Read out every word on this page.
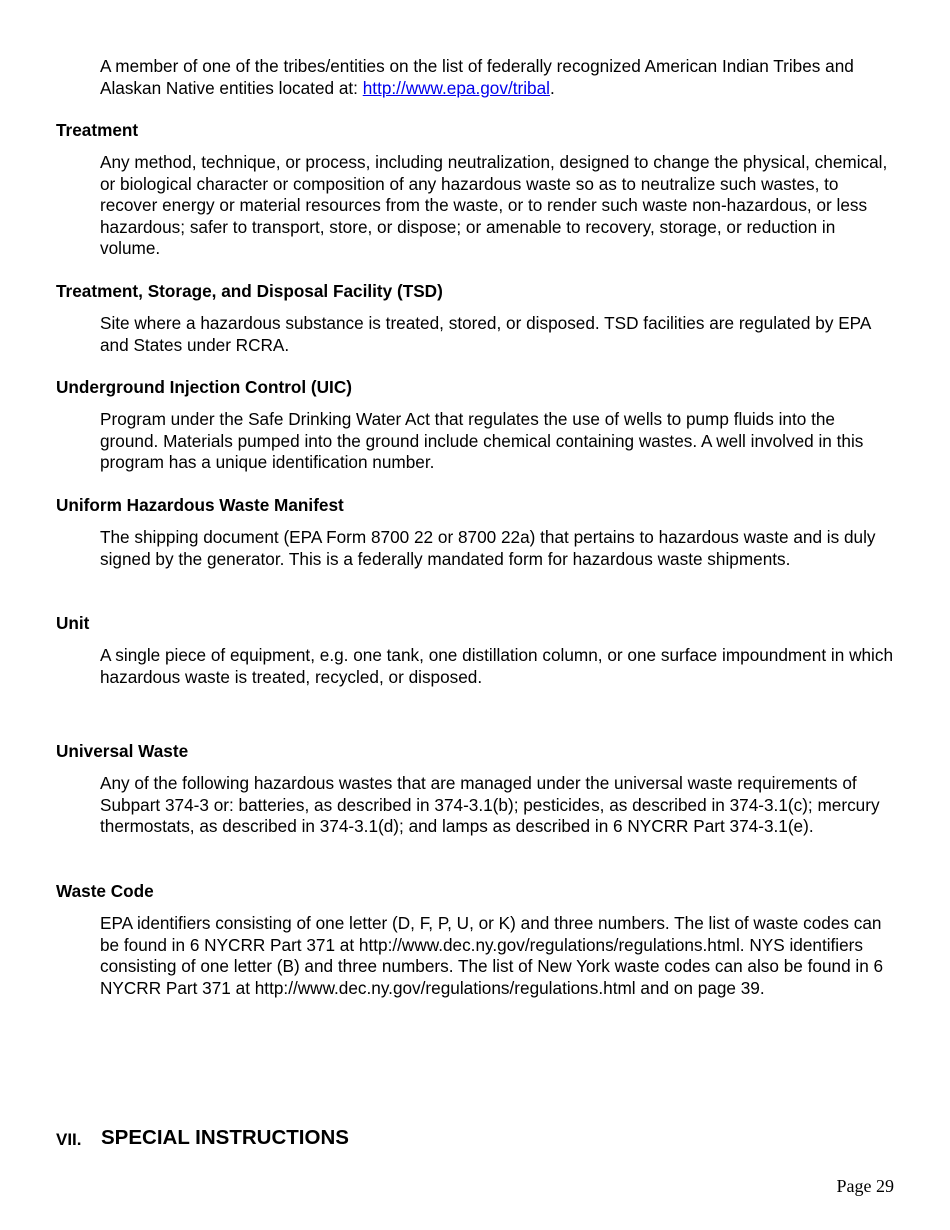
A member of one of the tribes/entities on the list of federally recognized American Indian Tribes and Alaskan Native entities located at: http://www.epa.gov/tribal.

Treatment

Any method, technique, or process, including neutralization, designed to change the physical, chemical, or biological character or composition of any hazardous waste so as to neutralize such wastes, to recover energy or material resources from the waste, or to render such waste non-hazardous, or less hazardous; safer to transport, store, or dispose; or amenable to recovery, storage, or reduction in volume.

Treatment, Storage, and Disposal Facility (TSD)

Site where a hazardous substance is treated, stored, or disposed. TSD facilities are regulated by EPA and States under RCRA.

Underground Injection Control (UIC)

Program under the Safe Drinking Water Act that regulates the use of wells to pump fluids into the ground. Materials pumped into the ground include chemical containing wastes. A well involved in this program has a unique identification number.

Uniform Hazardous Waste Manifest

The shipping document (EPA Form 8700 22 or 8700 22a) that pertains to hazardous waste and is duly signed by the generator. This is a federally mandated form for hazardous waste shipments.

Unit

A single piece of equipment, e.g. one tank, one distillation column, or one surface impoundment in which hazardous waste is treated, recycled, or disposed.

Universal Waste

Any of the following hazardous wastes that are managed under the universal waste requirements of Subpart 374-3 or: batteries, as described in 374-3.1(b); pesticides, as described in 374-3.1(c); mercury thermostats, as described in 374-3.1(d); and lamps as described in 6 NYCRR Part 374-3.1(e).

Waste Code

EPA identifiers consisting of one letter (D, F, P, U, or K) and three numbers. The list of waste codes can be found in 6 NYCRR Part 371 at http://www.dec.ny.gov/regulations/regulations.html. NYS identifiers consisting of one letter (B) and three numbers. The list of New York waste codes can also be found in 6 NYCRR Part 371 at http://www.dec.ny.gov/regulations/regulations.html and on page 39.

VII. SPECIAL INSTRUCTIONS
Page 29
